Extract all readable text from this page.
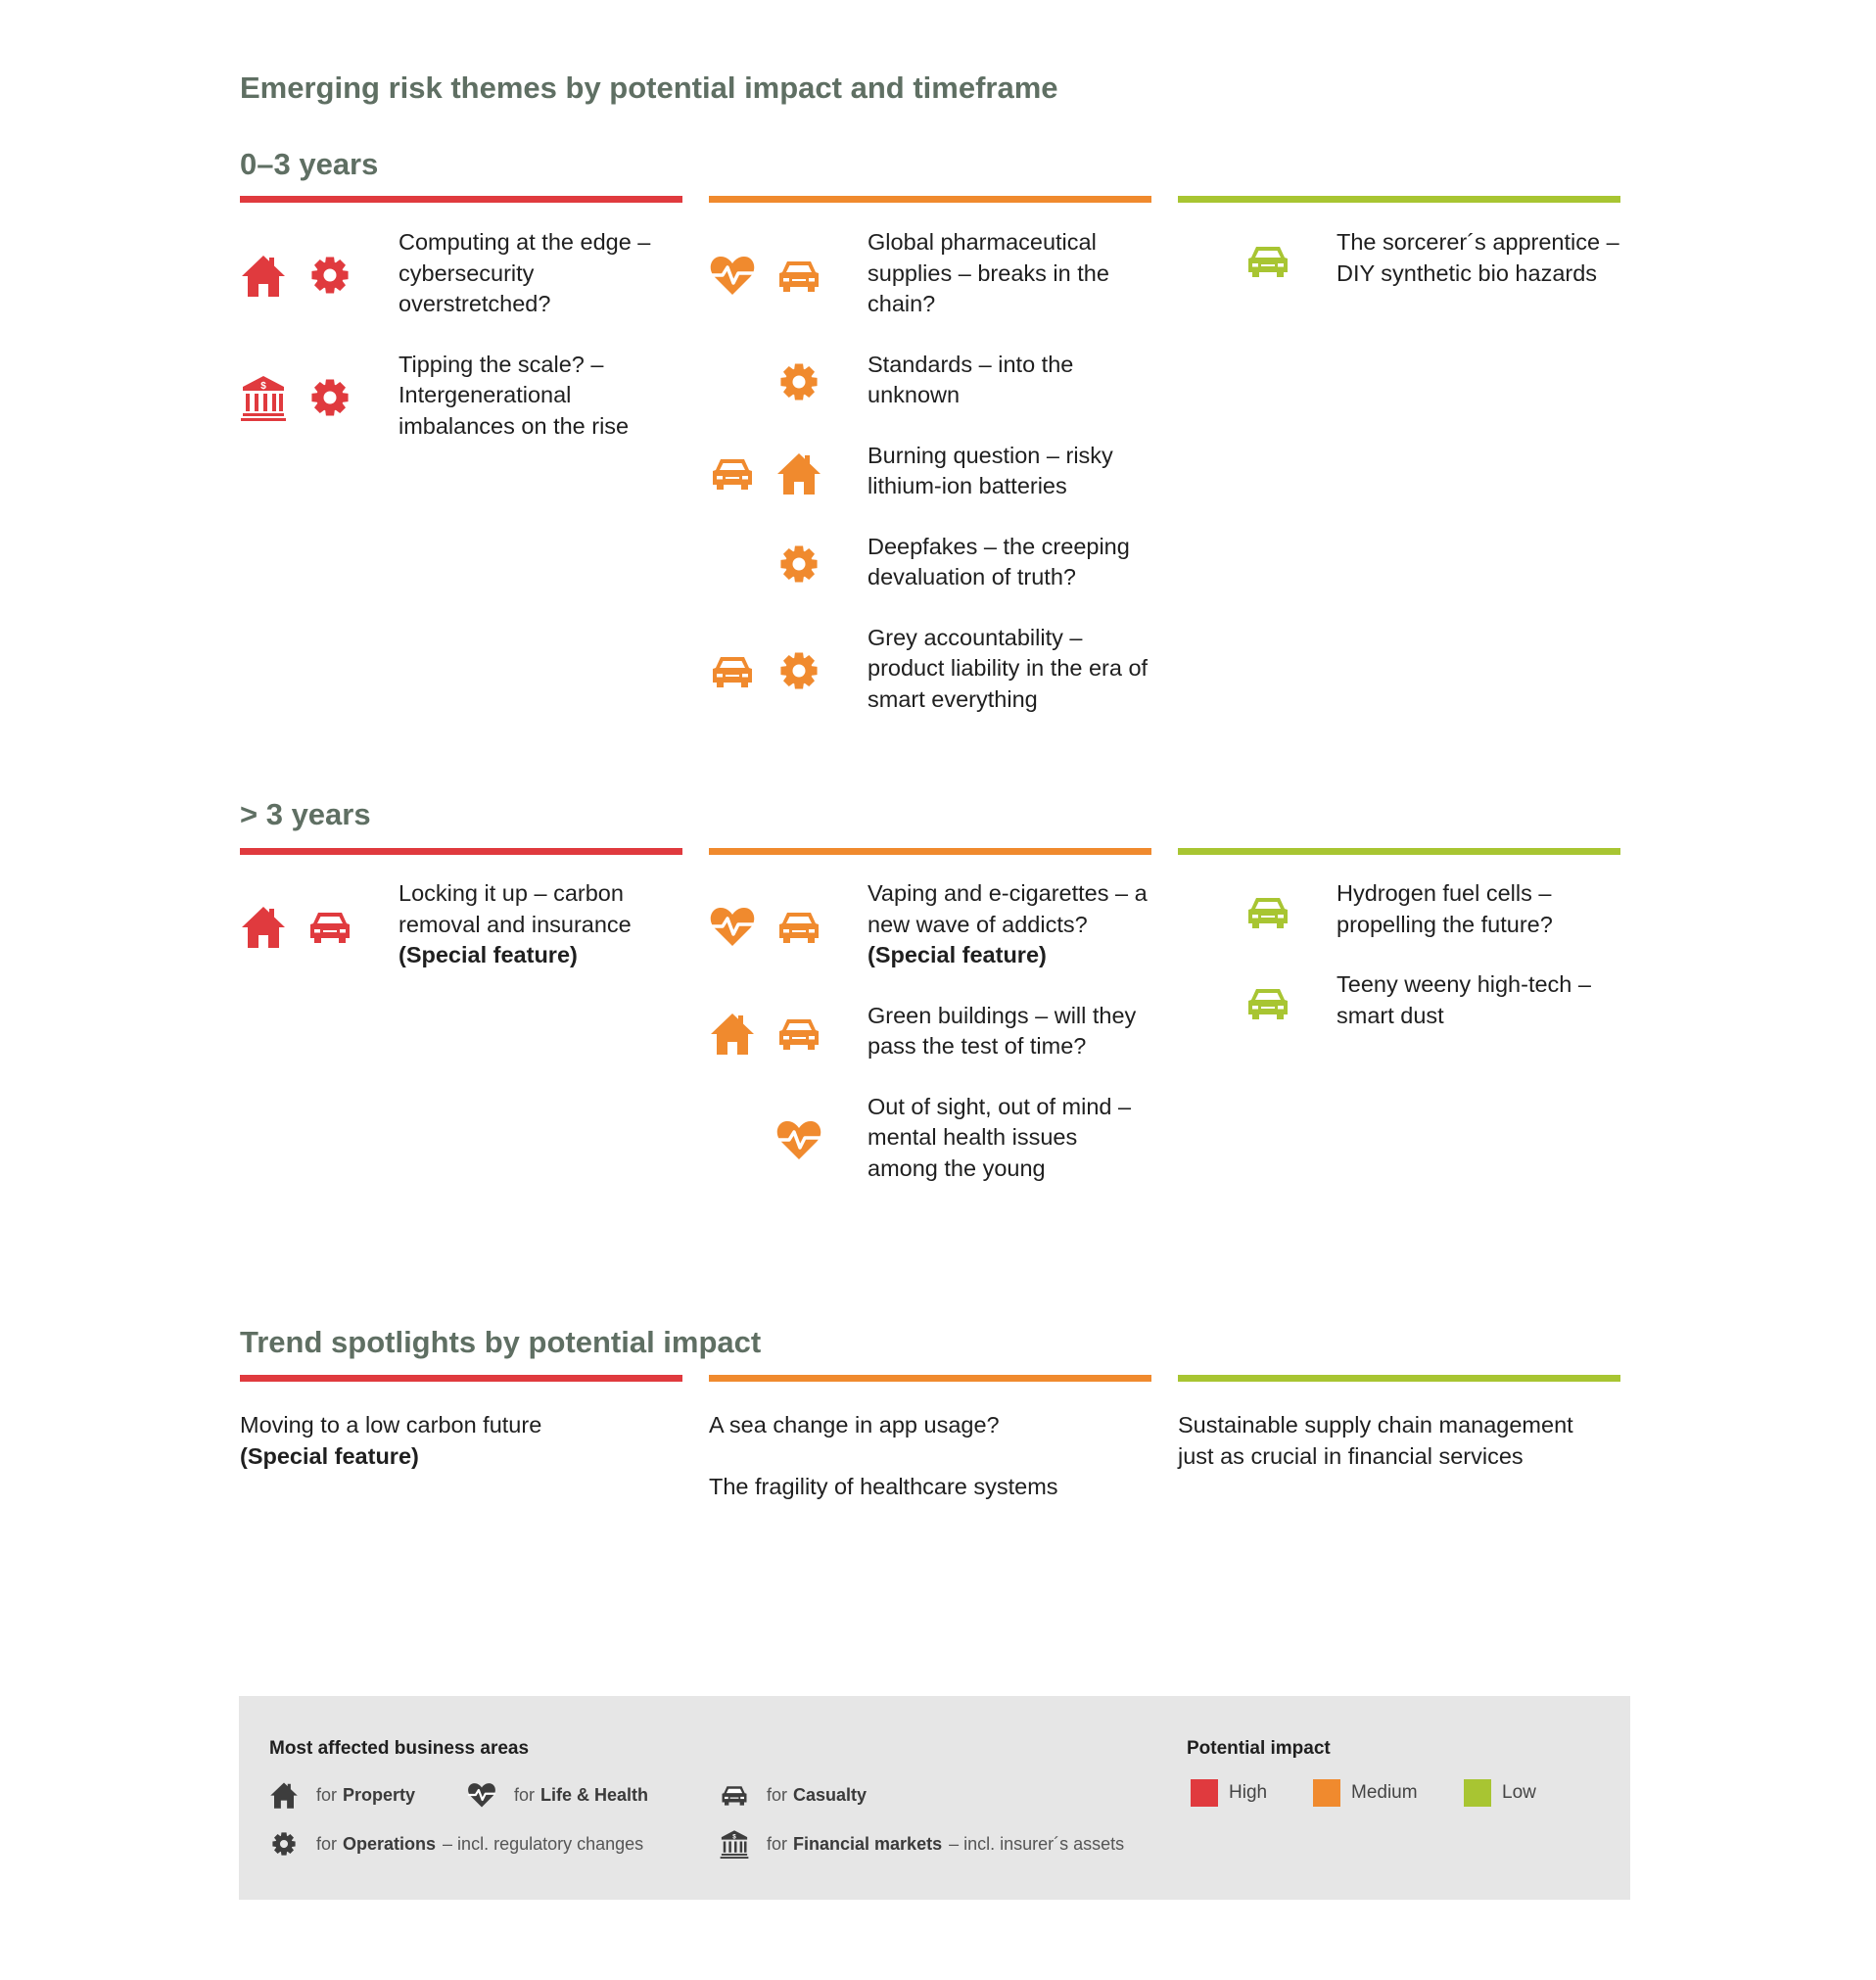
Emerging risk themes by potential impact and timeframe
0–3 years
Computing at the edge – cybersecurity overstretched?
$
Tipping the scale? – Intergenerational imbalances on the rise
Global pharmaceutical supplies – breaks in the chain?
Standards – into the unknown
Burning question – risky lithium-ion batteries
Deepfakes – the creeping devaluation of truth?
Grey accountability – product liability in the era of smart everything
The sorcerer´s apprentice – DIY synthetic bio hazards
> 3 years
Locking it up – carbon removal and insurance
(Special feature)
Vaping and e-cigarettes – a new wave of addicts?
(Special feature)
Green buildings – will they pass the test of time?
Out of sight, out of mind – mental health issues among the young
Hydrogen fuel cells – propelling the future?
Teeny weeny high-tech – smart dust
Trend spotlights by potential impact
Moving to a low carbon future
(Special feature)
A sea change in app usage?
The fragility of healthcare systems
Sustainable supply chain management just as crucial in financial services
Most affected business areas
for Property	for Life & Health	for Casualty
for Operations – incl. regulatory changes	$ for Financial markets – incl. insurer´s assets
Potential impact
High	Medium	Low
